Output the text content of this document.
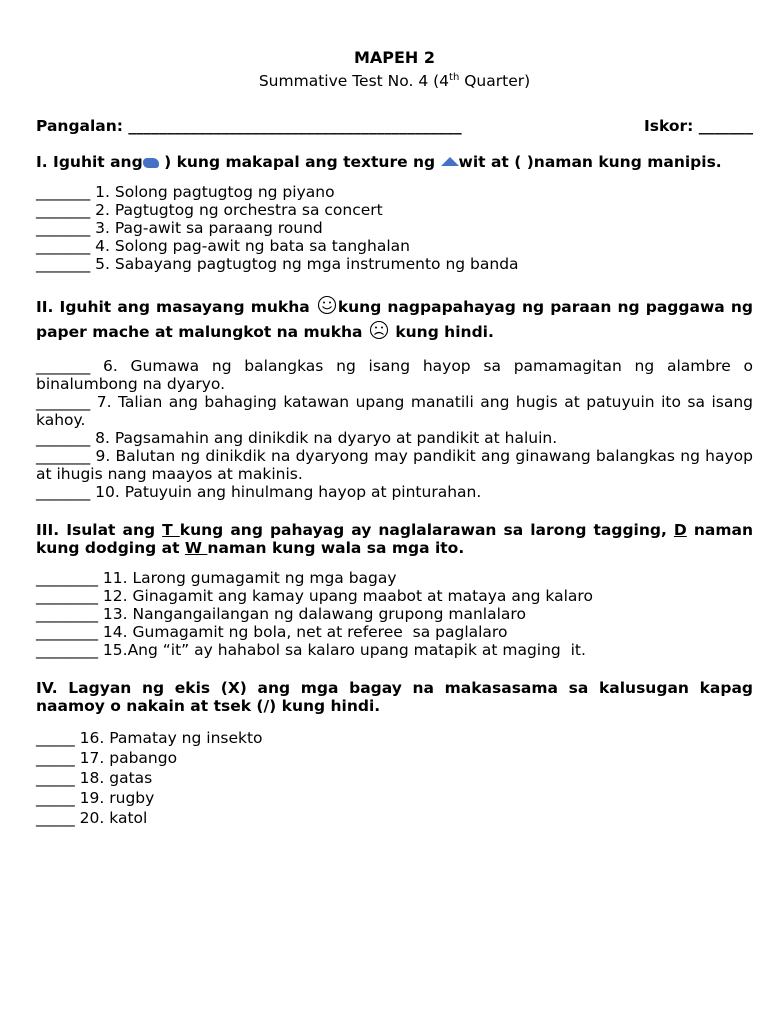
MAPEH 2
Summative Test No. 4 (4th Quarter)
Pangalan: ___________________________________________	Iskor: _______
I. Iguhit ang ) kung makapal ang texture ng wit at ( )naman kung manipis.
_______ 1. Solong pagtugtog ng piyano
_______ 2. Pagtugtog ng orchestra sa concert
_______ 3. Pag-awit sa paraang round
_______ 4. Solong pag-awit ng bata sa tanghalan
_______ 5. Sabayang pagtugtog ng mga instrumento ng banda
II. Iguhit ang masayang mukha kung nagpapahayag ng paraan ng paggawa ng paper mache at malungkot na mukha  kung hindi.
_______ 6. Gumawa ng balangkas ng isang hayop sa pamamagitan ng alambre o binalumbong na dyaryo.
_______ 7. Talian ang bahaging katawan upang manatili ang hugis at patuyuin ito sa isang kahoy.
_______ 8. Pagsamahin ang dinikdik na dyaryo at pandikit at haluin.
_______ 9. Balutan ng dinikdik na dyaryong may pandikit ang ginawang balangkas ng hayop at ihugis nang maayos at makinis.
_______ 10. Patuyuin ang hinulmang hayop at pinturahan.
III. Isulat ang T kung ang pahayag ay naglalarawan sa larong tagging, D naman kung dodging at W naman kung wala sa mga ito.
________ 11. Larong gumagamit ng mga bagay
________ 12. Ginagamit ang kamay upang maabot at mataya ang kalaro
________ 13. Nangangailangan ng dalawang grupong manlalaro
________ 14. Gumagamit ng bola, net at referee  sa paglalaro
________ 15.Ang “it” ay hahabol sa kalaro upang matapik at maging  it.
IV. Lagyan ng ekis (X) ang mga bagay na makasasama sa kalusugan kapag naamoy o nakain at tsek (/) kung hindi.
_____ 16. Pamatay ng insekto
_____ 17. pabango
_____ 18. gatas
_____ 19. rugby
_____ 20. katol
